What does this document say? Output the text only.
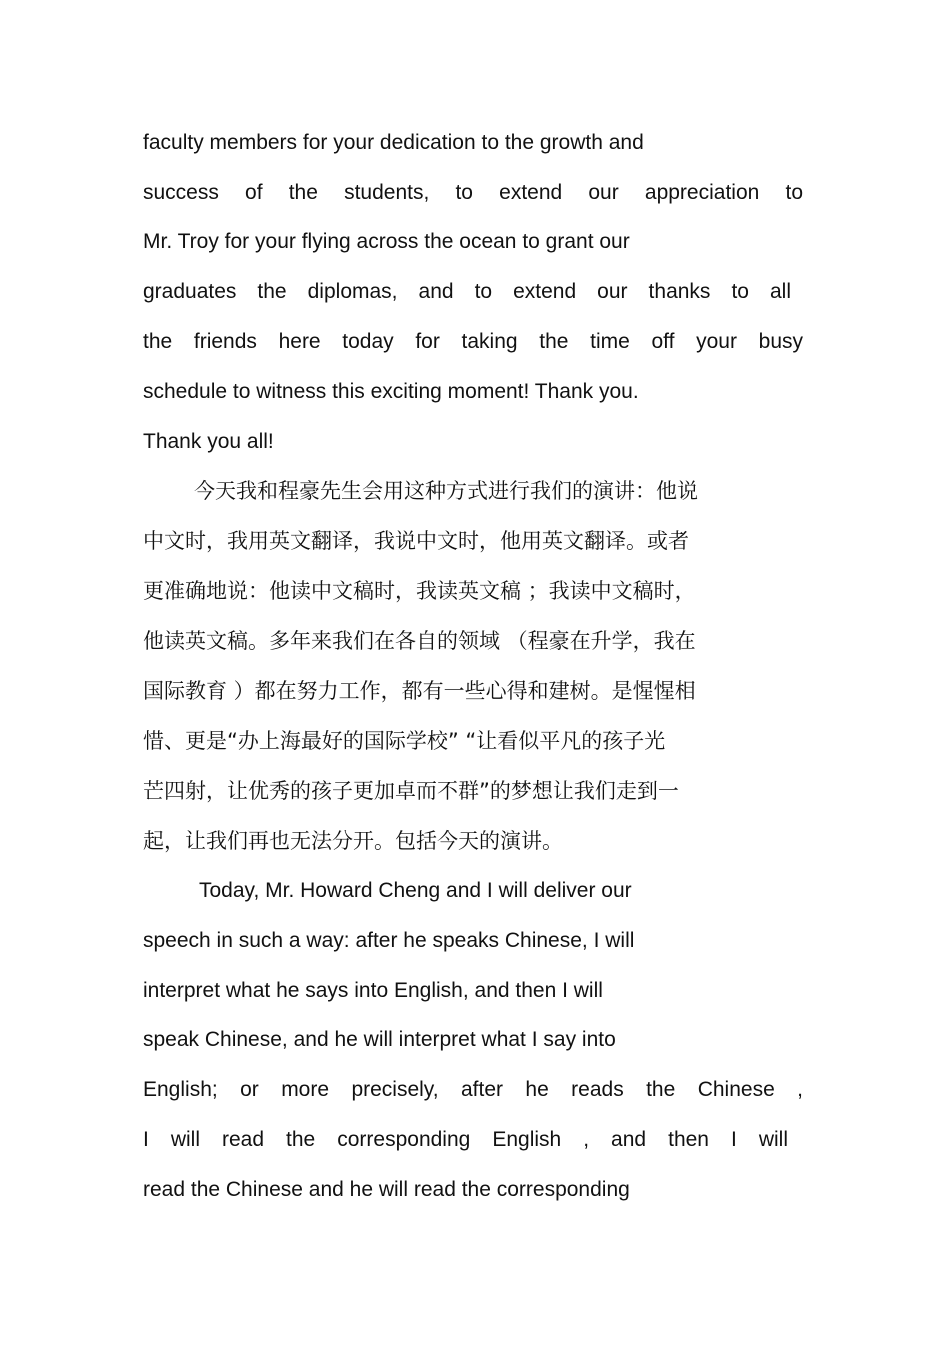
faculty members for your dedication to the growth and
success of the students, to extend our appreciation to
Mr. Troy for your flying across the ocean to grant our
graduates the diplomas, and to extend our thanks to all
the friends here today for taking the time off your busy
schedule to witness this exciting moment! Thank you.
Thank you all!
今天我和程豪先生会用这种方式进行我们的演讲：他说
中文时，我用英文翻译，我说中文时，他用英文翻译。或者
更准确地说：他读中文稿时，我读英文稿 ；我读中文稿时，
他读英文稿。多年来我们在各自的领域 （程豪在升学，我在
国际教育 ）都在努力工作，都有一些心得和建树。是惺惺相
惜、更是“办上海最好的国际学校” “让看似平凡的孩子光
芒四射，让优秀的孩子更加卓而不群”的梦想让我们走到一
起，让我们再也无法分开。包括今天的演讲。
Today, Mr. Howard Cheng and I will deliver our
speech in such a way: after he speaks Chinese, I will
interpret what he says into English, and then I will
speak Chinese, and he will interpret what I say into
English; or more precisely, after he reads the Chinese ,
I will read the corresponding English , and then I will
read the Chinese and he will read the corresponding
